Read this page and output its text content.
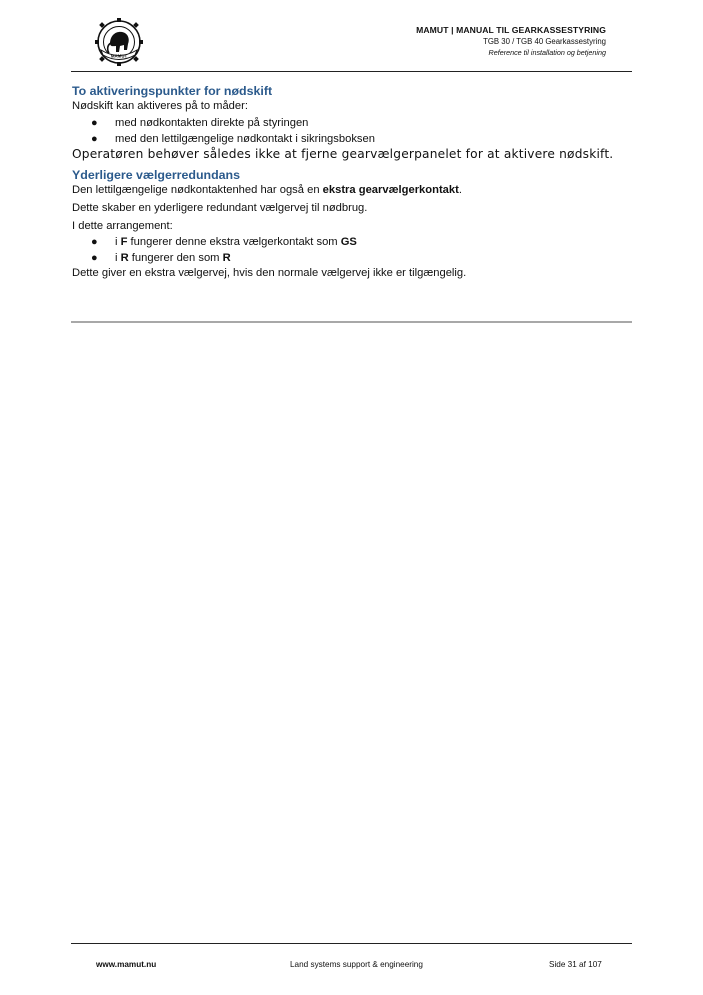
MAMUT
MAMUT | MANUAL TIL GEARKASSESTYRING
TGB 30 / TGB 40 Gearkassestyring
Reference til installation og betjening
To aktiveringspunkter for nødskift

Nødskift kan aktiveres på to måder:

● med nødkontakten direkte på styringen
● med den lettilgængelige nødkontakt i sikringsboksen

Operatøren behøver således ikke at fjerne gearvælgerpanelet for at aktivere nødskift.

Yderligere vælgerredundans

Den lettilgængelige nødkontaktenhed har også en ekstra gearvælgerkontakt.

Dette skaber en yderligere redundant vælgervej til nødbrug.

I dette arrangement:

● i F fungerer denne ekstra vælgerkontakt som GS
● i R fungerer den som R

Dette giver en ekstra vælgervej, hvis den normale vælgervej ikke er tilgængelig.

www.mamut.nu	Land systems support & engineering	Side 31 af 107
